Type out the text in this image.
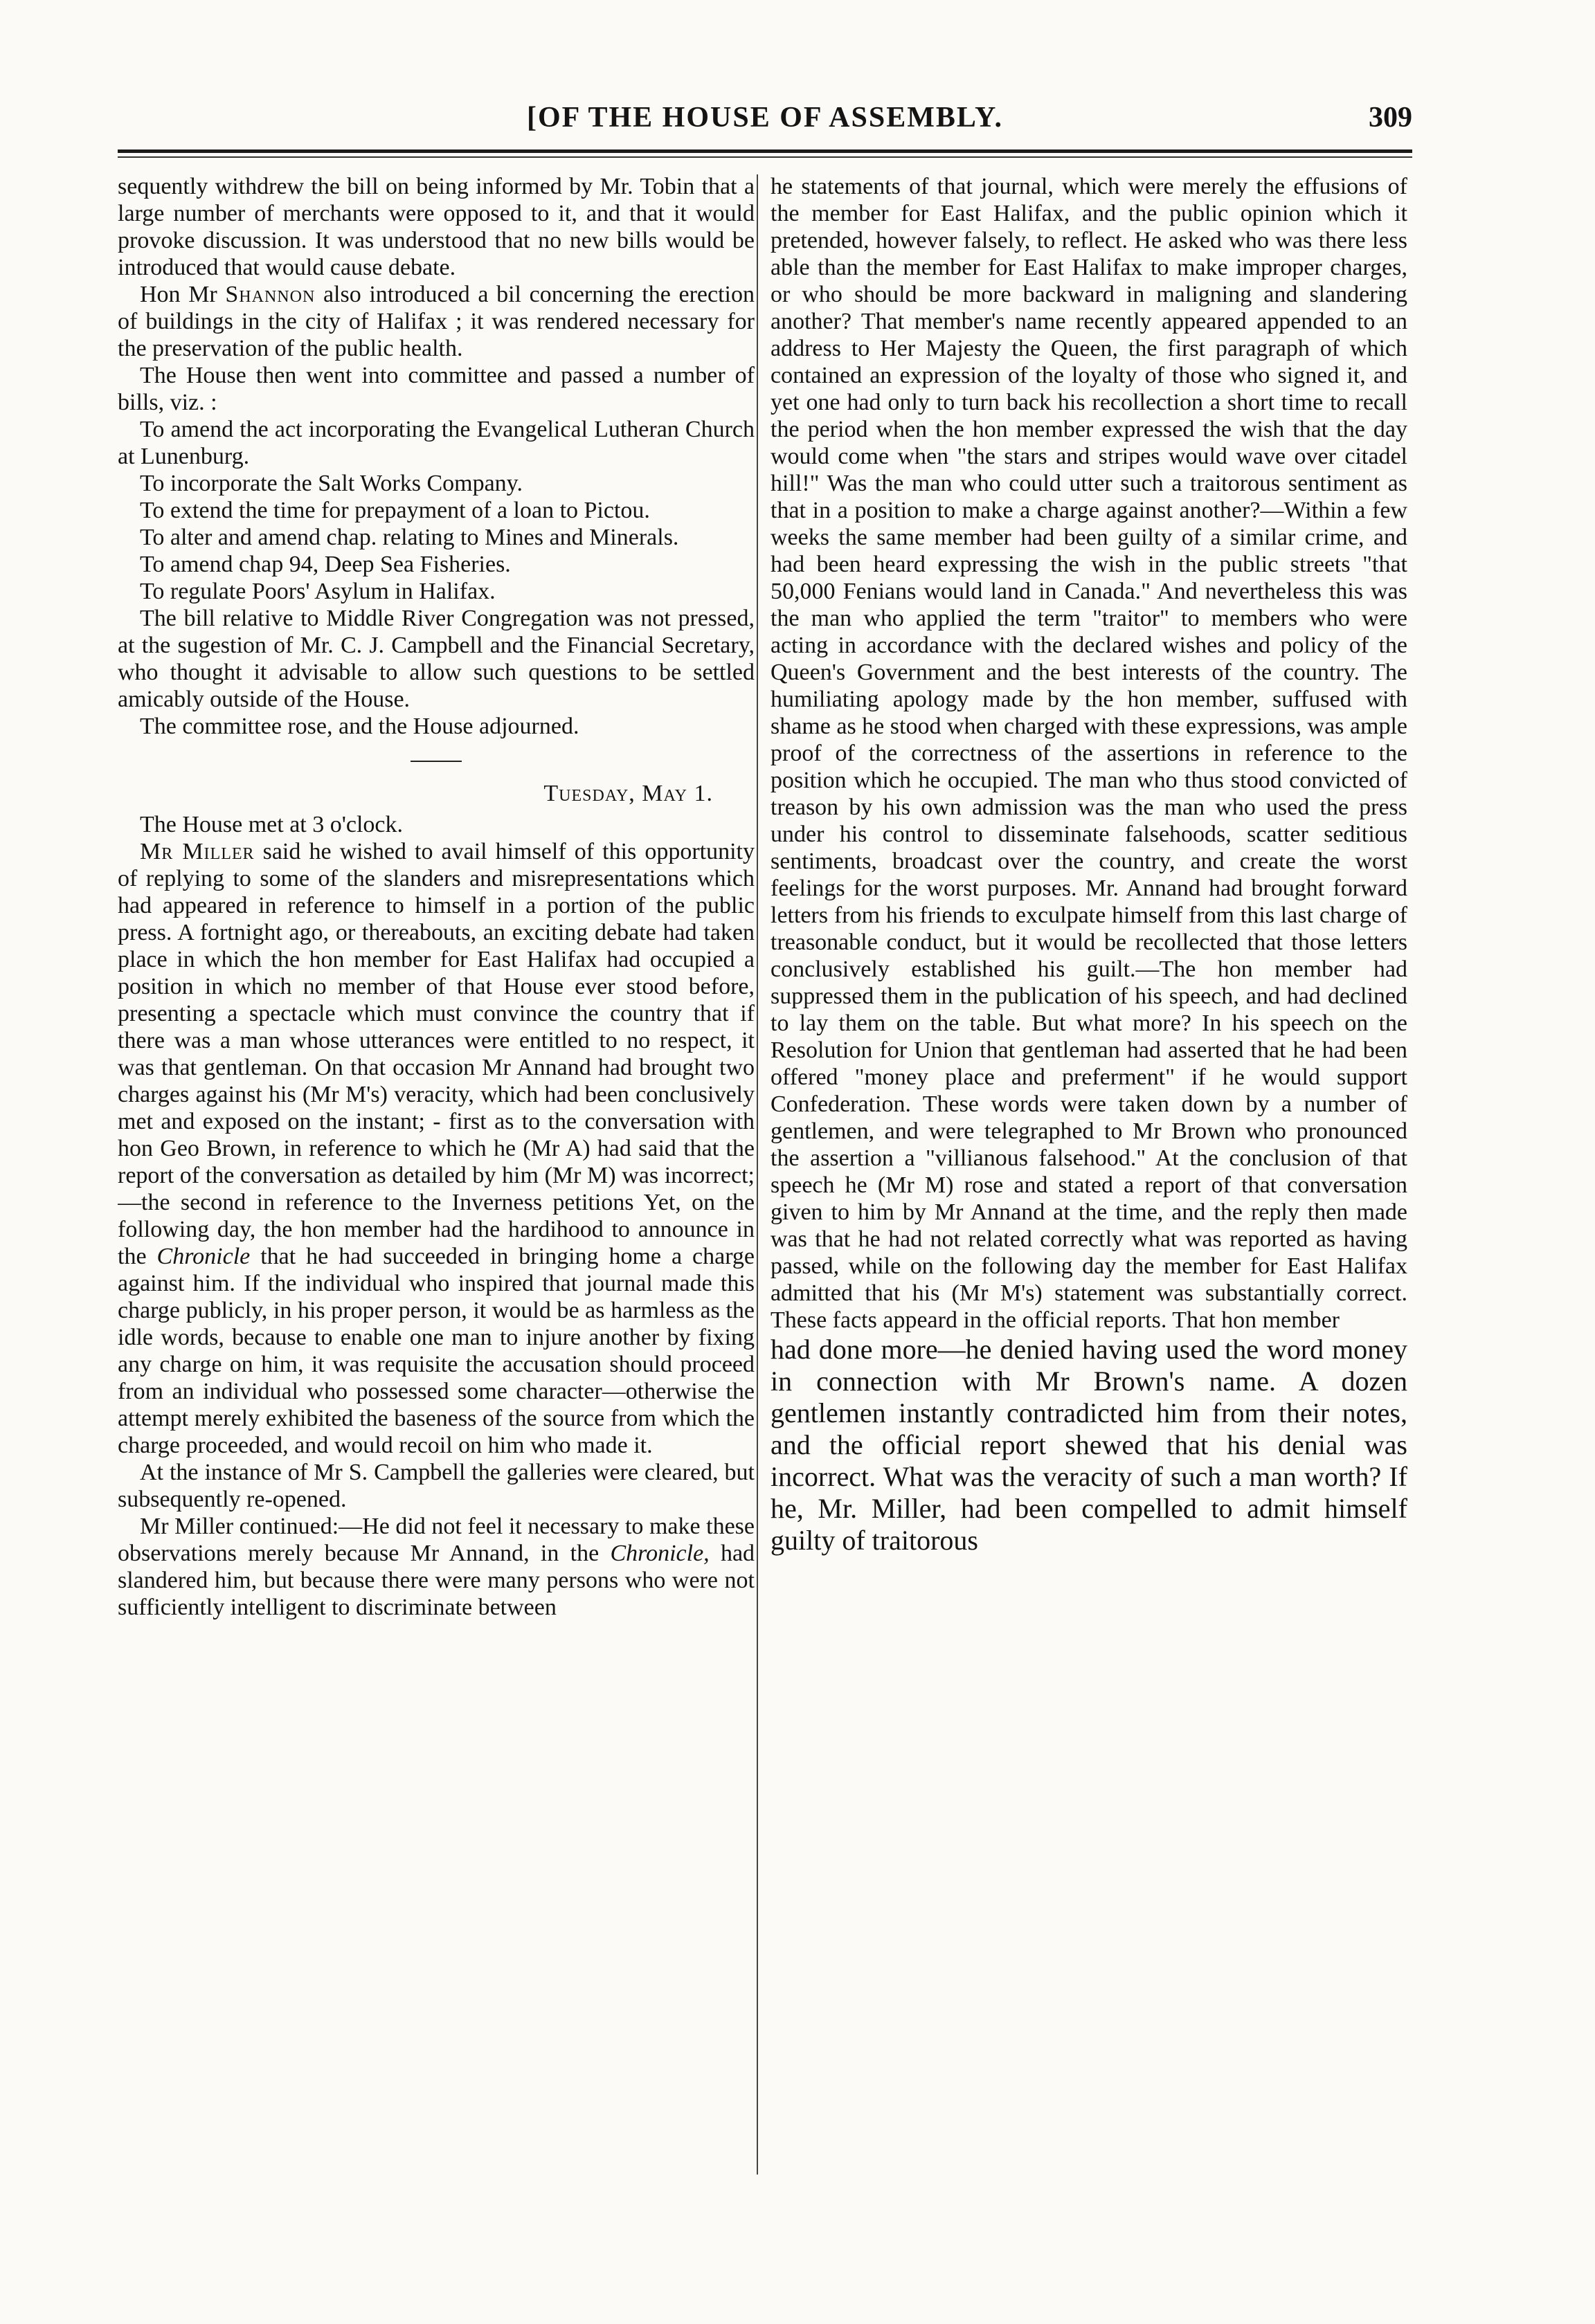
[OF THE HOUSE OF ASSEMBLY.	309

sequently withdrew the bill on being informed by Mr. Tobin that a large number of merchants were opposed to it, and that it would provoke discussion. It was understood that no new bills would be introduced that would cause debate.

Hon Mr Shannon also introduced a bil concerning the erection of buildings in the city of Halifax ; it was rendered necessary for the preservation of the public health.

The House then went into committee and passed a number of bills, viz. :

To amend the act incorporating the Evangelical Lutheran Church at Lunenburg.

To incorporate the Salt Works Company.

To extend the time for prepayment of a loan to Pictou.

To alter and amend chap. relating to Mines and Minerals.

To amend chap 94, Deep Sea Fisheries.

To regulate Poors' Asylum in Halifax.

The bill relative to Middle River Congregation was not pressed, at the sugestion of Mr. C. J. Campbell and the Financial Secretary, who thought it advisable to allow such questions to be settled amicably outside of the House.

The committee rose, and the House adjourned.

Tuesday, May 1.

The House met at 3 o'clock.

Mr Miller said he wished to avail himself of this opportunity of replying to some of the slanders and misrepresentations which had appeared in reference to himself in a portion of the public press. A fortnight ago, or thereabouts, an exciting debate had taken place in which the hon member for East Halifax had occupied a position in which no member of that House ever stood before, presenting a spectacle which must convince the country that if there was a man whose utterances were entitled to no respect, it was that gentleman. On that occasion Mr Annand had brought two charges against his (Mr M's) veracity, which had been conclusively met and exposed on the instant; - first as to the conversation with hon Geo Brown, in reference to which he (Mr A) had said that the report of the conversation as detailed by him (Mr M) was incorrect;—the second in reference to the Inverness petitions Yet, on the following day, the hon member had the hardihood to announce in the Chronicle that he had succeeded in bringing home a charge against him. If the individual who inspired that journal made this charge publicly, in his proper person, it would be as harmless as the idle words, because to enable one man to injure another by fixing any charge on him, it was requisite the accusation should proceed from an individual who possessed some character—otherwise the attempt merely exhibited the baseness of the source from which the charge proceeded, and would recoil on him who made it.

At the instance of Mr S. Campbell the galleries were cleared, but subsequently re-opened.

Mr Miller continued:—He did not feel it necessary to make these observations merely because Mr Annand, in the Chronicle, had slandered him, but because there were many persons who were not sufficiently intelligent to discriminate between

he statements of that journal, which were merely the effusions of the member for East Halifax, and the public opinion which it pretended, however falsely, to reflect. He asked who was there less able than the member for East Halifax to make improper charges, or who should be more backward in maligning and slandering another? That member's name recently appeared appended to an address to Her Majesty the Queen, the first paragraph of which contained an expression of the loyalty of those who signed it, and yet one had only to turn back his recollection a short time to recall the period when the hon member expressed the wish that the day would come when "the stars and stripes would wave over citadel hill!" Was the man who could utter such a traitorous sentiment as that in a position to make a charge against another?—Within a few weeks the same member had been guilty of a similar crime, and had been heard expressing the wish in the public streets "that 50,000 Fenians would land in Canada." And nevertheless this was the man who applied the term "traitor" to members who were acting in accordance with the declared wishes and policy of the Queen's Government and the best interests of the country. The humiliating apology made by the hon member, suffused with shame as he stood when charged with these expressions, was ample proof of the correctness of the assertions in reference to the position which he occupied. The man who thus stood convicted of treason by his own admission was the man who used the press under his control to disseminate falsehoods, scatter seditious sentiments, broadcast over the country, and create the worst feelings for the worst purposes. Mr. Annand had brought forward letters from his friends to exculpate himself from this last charge of treasonable conduct, but it would be recollected that those letters conclusively established his guilt.—The hon member had suppressed them in the publication of his speech, and had declined to lay them on the table. But what more? In his speech on the Resolution for Union that gentleman had asserted that he had been offered "money place and preferment" if he would support Confederation. These words were taken down by a number of gentlemen, and were telegraphed to Mr Brown who pronounced the assertion a "villianous falsehood." At the conclusion of that speech he (Mr M) rose and stated a report of that conversation given to him by Mr Annand at the time, and the reply then made was that he had not related correctly what was reported as having passed, while on the following day the member for East Halifax admitted that his (Mr M's) statement was substantially correct. These facts appeard in the official reports. That hon member

had done more—he denied having used the word money in connection with Mr Brown's name. A dozen gentlemen instantly contradicted him from their notes, and the official report shewed that his denial was incorrect. What was the veracity of such a man worth? If he, Mr. Miller, had been compelled to admit himself guilty of traitorous
